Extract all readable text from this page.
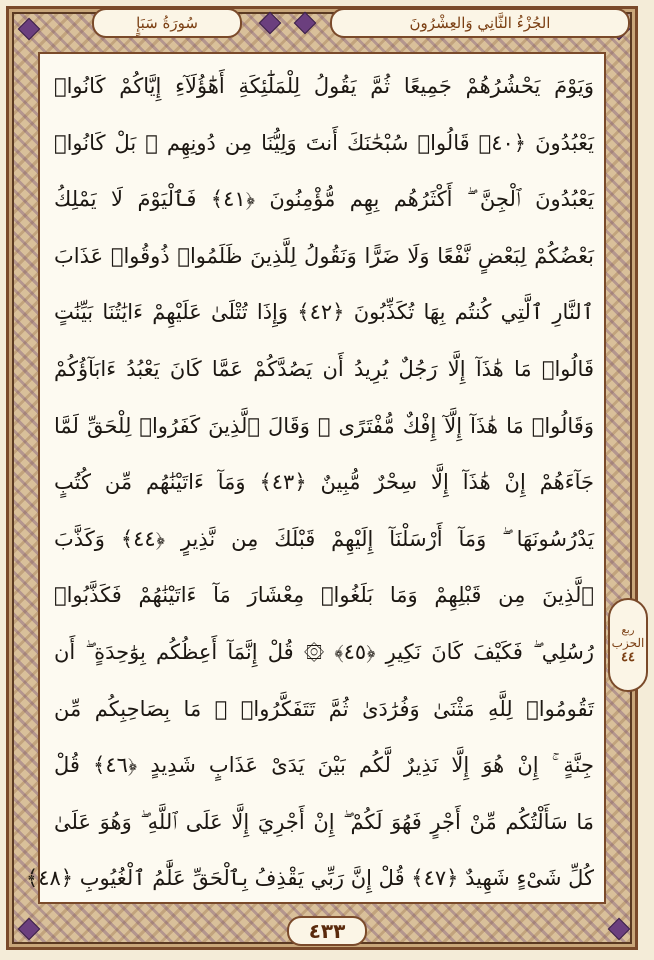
الجُزْءُ الثَّانِي وَالعِشْرُونَ
سُورَةُ سَبَإٍ
وَيَوْمَ يَحْشُرُهُمْ جَمِيعًا ثُمَّ يَقُولُ لِلْمَلَٰٓئِكَةِ أَهَٰٓؤُلَآءِ إِيَّاكُمْ كَانُوا۟
يَعْبُدُونَ ﴿٤٠﴾ قَالُوا۟ سُبْحَٰنَكَ أَنتَ وَلِيُّنَا مِن دُونِهِم ۖ بَلْ كَانُوا۟
يَعْبُدُونَ ٱلْجِنَّ ۖ أَكْثَرُهُم بِهِم مُّؤْمِنُونَ ﴿٤١﴾ فَٱلْيَوْمَ لَا يَمْلِكُ
بَعْضُكُمْ لِبَعْضٍ نَّفْعًا وَلَا ضَرًّا وَنَقُولُ لِلَّذِينَ ظَلَمُوا۟ ذُوقُوا۟ عَذَابَ
ٱلنَّارِ ٱلَّتِي كُنتُم بِهَا تُكَذِّبُونَ ﴿٤٢﴾ وَإِذَا تُتْلَىٰ عَلَيْهِمْ ءَايَٰتُنَا بَيِّنَٰتٍ
قَالُوا۟ مَا هَٰذَآ إِلَّا رَجُلٌ يُرِيدُ أَن يَصُدَّكُمْ عَمَّا كَانَ يَعْبُدُ ءَابَآؤُكُمْ
وَقَالُوا۟ مَا هَٰذَآ إِلَّآ إِفْكٌ مُّفْتَرًى ۚ وَقَالَ ٱلَّذِينَ كَفَرُوا۟ لِلْحَقِّ لَمَّا
جَآءَهُمْ إِنْ هَٰذَآ إِلَّا سِحْرٌ مُّبِينٌ ﴿٤٣﴾ وَمَآ ءَاتَيْنَٰهُم مِّن كُتُبٍ
يَدْرُسُونَهَا ۖ وَمَآ أَرْسَلْنَآ إِلَيْهِمْ قَبْلَكَ مِن نَّذِيرٍ ﴿٤٤﴾ وَكَذَّبَ
ٱلَّذِينَ مِن قَبْلِهِمْ وَمَا بَلَغُوا۟ مِعْشَارَ مَآ ءَاتَيْنَٰهُمْ فَكَذَّبُوا۟
رُسُلِي ۖ فَكَيْفَ كَانَ نَكِيرِ ﴿٤٥﴾ ۞ قُلْ إِنَّمَآ أَعِظُكُم بِوَٰحِدَةٍ ۖ أَن
تَقُومُوا۟ لِلَّهِ مَثْنَىٰ وَفُرَٰدَىٰ ثُمَّ تَتَفَكَّرُوا۟ ۚ مَا بِصَاحِبِكُم مِّن
جِنَّةٍ ۚ إِنْ هُوَ إِلَّا نَذِيرٌ لَّكُم بَيْنَ يَدَىْ عَذَابٍ شَدِيدٍ ﴿٤٦﴾ قُلْ
مَا سَأَلْتُكُم مِّنْ أَجْرٍ فَهُوَ لَكُمْ ۖ إِنْ أَجْرِيَ إِلَّا عَلَى ٱللَّهِ ۖ وَهُوَ عَلَىٰ
كُلِّ شَىْءٍ شَهِيدٌ ﴿٤٧﴾ قُلْ إِنَّ رَبِّي يَقْذِفُ بِٱلْحَقِّ عَلَّٰمُ ٱلْغُيُوبِ ﴿٤٨﴾
ربع
الحزب
٤٤
٤٣٣
